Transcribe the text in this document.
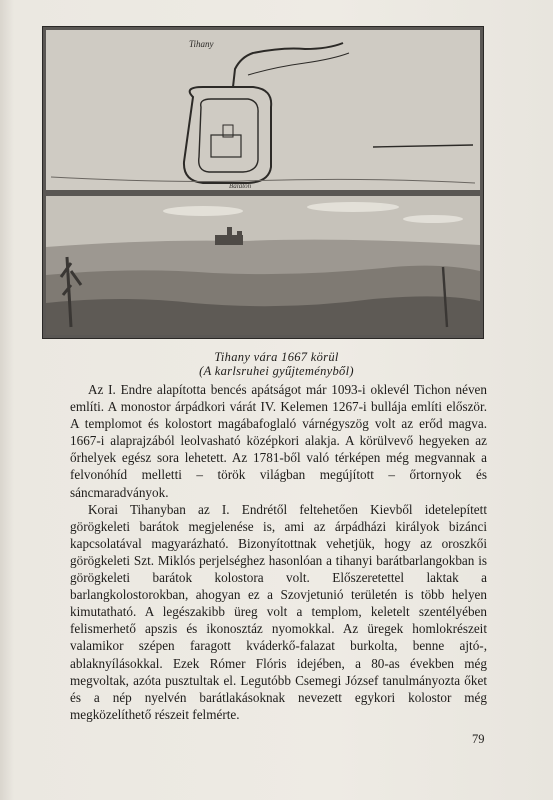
Tihany
Balaton
Tihany vára 1667 körül
(A karlsruhei gyűjteményből)

Az I. Endre alapította bencés apátságot már 1093-i oklevél Tichon néven említi. A monostor árpádkori várát IV. Kelemen 1267-i bullája említi először. A templomot és kolostort magábafoglaló várnégyszög volt az erőd magva. 1667-i alaprajzából leolvasható középkori alakja. A körülvevő hegyeken az őrhelyek egész sora lehetett. Az 1781-ből való térképen még megvannak a felvonóhíd melletti – török világban megújított – őrtornyok és sáncmaradványok.

Korai Tihanyban az I. Endrétől feltehetően Kievből idetelepített görögkeleti barátok megjelenése is, ami az árpádházi királyok bizánci kapcsolatával magyarázható. Bizonyítottnak vehetjük, hogy az oroszkői görögkeleti Szt. Miklós perjelséghez hasonlóan a tihanyi barátbarlangokban is görögkeleti barátok kolostora volt. Előszeretettel laktak a barlangkolostorokban, ahogyan ez a Szovjetunió területén is több helyen kimutatható. A legészakibb üreg volt a templom, keletelt szentélyében felismerhető apszis és ikonosztáz nyomokkal. Az üregek homlokrészeit valamikor szépen faragott kváderkő-falazat burkolta, benne ajtó-, ablaknyílásokkal. Ezek Rómer Flóris idejében, a 80-as években még megvoltak, azóta pusztultak el. Legutóbb Csemegi József tanulmányozta őket és a nép nyelvén barátlakásoknak nevezett egykori kolostor még megközelíthető részeit felmérte.

79
